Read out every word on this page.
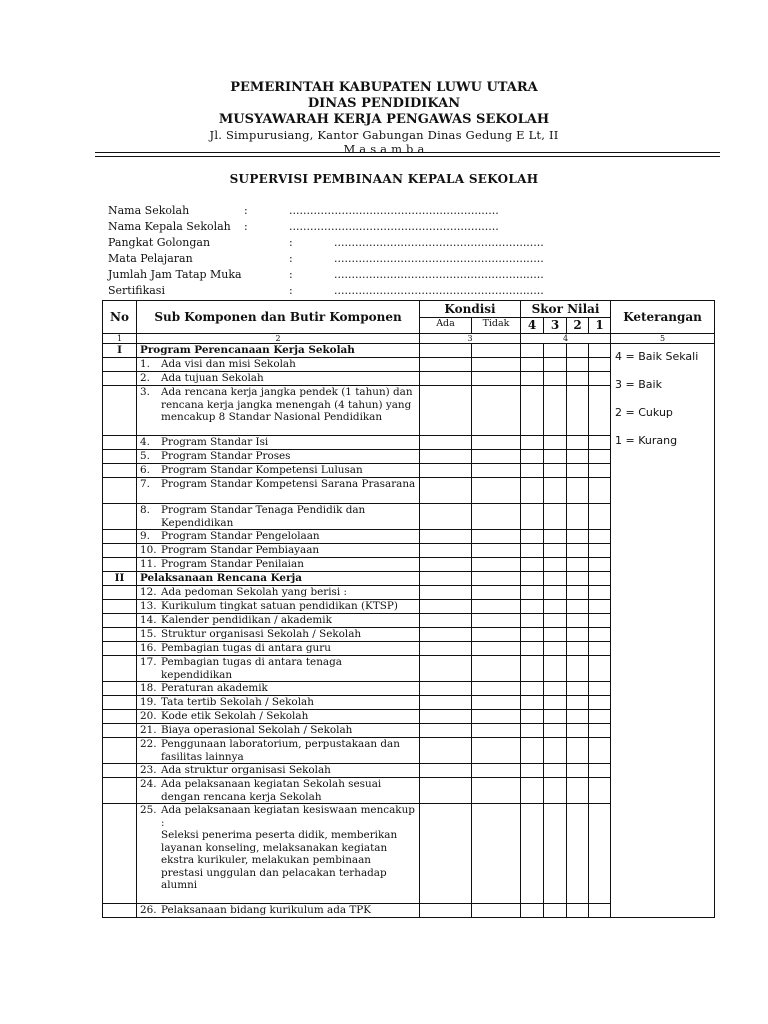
PEMERINTAH KABUPATEN LUWU UTARA
DINAS PENDIDIKAN
MUSYAWARAH KERJA PENGAWAS SEKOLAH
Jl. Simpurusiang, Kantor Gabungan Dinas Gedung E Lt, II
M a s a m b a
SUPERVISI PEMBINAAN KEPALA SEKOLAH
Nama Sekolah	:	............................................................
Nama Kepala Sekolah :	............................................................
Pangkat Golongan	:	............................................................
Mata Pelajaran	:	............................................................
Jumlah Jam Tatap Muka	:	............................................................
Sertifikasi	:	............................................................
No	Sub Komponen dan Butir Komponen	Kondisi		Skor Nilai				Keterangan
		Ada	Tidak	4	3	2	1	
1	2	3		4				5
I	Program Perencanaan Kerja Sekolah							4 = Baik Sekali
3 = Baik
2 = Cukup
1 = Kurang

	1. Ada visi dan misi Sekolah							

	2. Ada tujuan Sekolah							

	3. Ada rencana kerja jangka pendek (1 tahun) dan rencana kerja jangka menengah (4 tahun) yang mencakup 8 Standar Nasional Pendidikan							

	4. Program Standar Isi							

	5. Program Standar Proses							

	6. Program Standar Kompetensi Lulusan							

	7. Program Standar Kompetensi Sarana Prasarana							

	8. Program Standar Tenaga Pendidik dan Kependidikan							

	9. Program Standar Pengelolaan							

	10. Program Standar Pembiayaan							

	11. Program Standar Penilaian							

II	Pelaksanaan Rencana Kerja							

	12. Ada pedoman Sekolah yang berisi :							

	13. Kurikulum tingkat satuan pendidikan (KTSP)							

	14. Kalender pendidikan / akademik							

	15. Struktur organisasi Sekolah / Sekolah							

	16. Pembagian tugas di antara guru							

	17. Pembagian tugas di antara tenaga kependidikan							

	18. Peraturan akademik							

	19. Tata tertib Sekolah / Sekolah							

	20. Kode etik Sekolah / Sekolah							

	21. Biaya operasional Sekolah / Sekolah							

	22. Penggunaan laboratorium, perpustakaan dan fasilitas lainnya							

	23. Ada struktur organisasi Sekolah							

	24. Ada pelaksanaan kegiatan Sekolah sesuai dengan rencana kerja Sekolah							

	25. Ada pelaksanaan kegiatan kesiswaan mencakup :
Seleksi penerima peserta didik, memberikan layanan konseling, melaksanakan kegiatan ekstra kurikuler, melakukan pembinaan prestasi unggulan dan pelacakan terhadap alumni							

	26. Pelaksanaan bidang kurikulum ada TPK							
